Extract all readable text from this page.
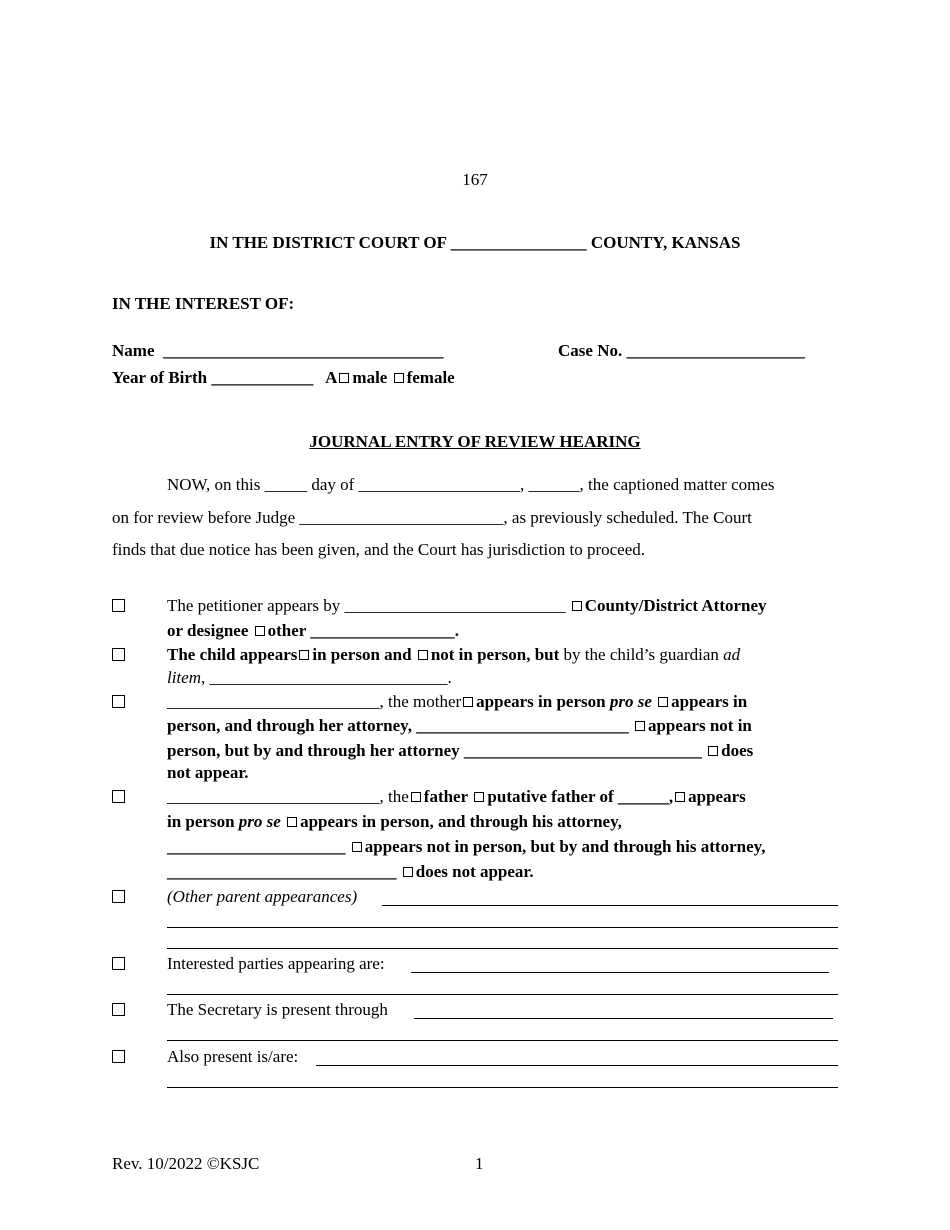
167
IN THE DISTRICT COURT OF ________________ COUNTY, KANSAS
IN THE INTEREST OF:
Name _________________________________	Case No. _____________________
Year of Birth ____________ A male female
JOURNAL ENTRY OF REVIEW HEARING
NOW, on this _____ day of ___________________, ______, the captioned matter comes
on for review before Judge ________________________, as previously scheduled. The Court
finds that due notice has been given, and the Court has jurisdiction to proceed.
The petitioner appears by __________________________ County/District Attorney
or designee other _________________.
The child appears in person and not in person, but by the child’s guardian ad
litem, ____________________________.
_________________________, the mother appears in person pro se appears in
person, and through her attorney, _________________________ appears not in
person, but by and through her attorney ____________________________ does
not appear.
_________________________, the father putative father of ______, appears
in person pro se appears in person, and through his attorney,
_____________________ appears not in person, but by and through his attorney,
___________________________ does not appear.
(Other parent appearances)
Interested parties appearing are:
The Secretary is present through
Also present is/are:
Rev. 10/2022 ©KSJC	1
